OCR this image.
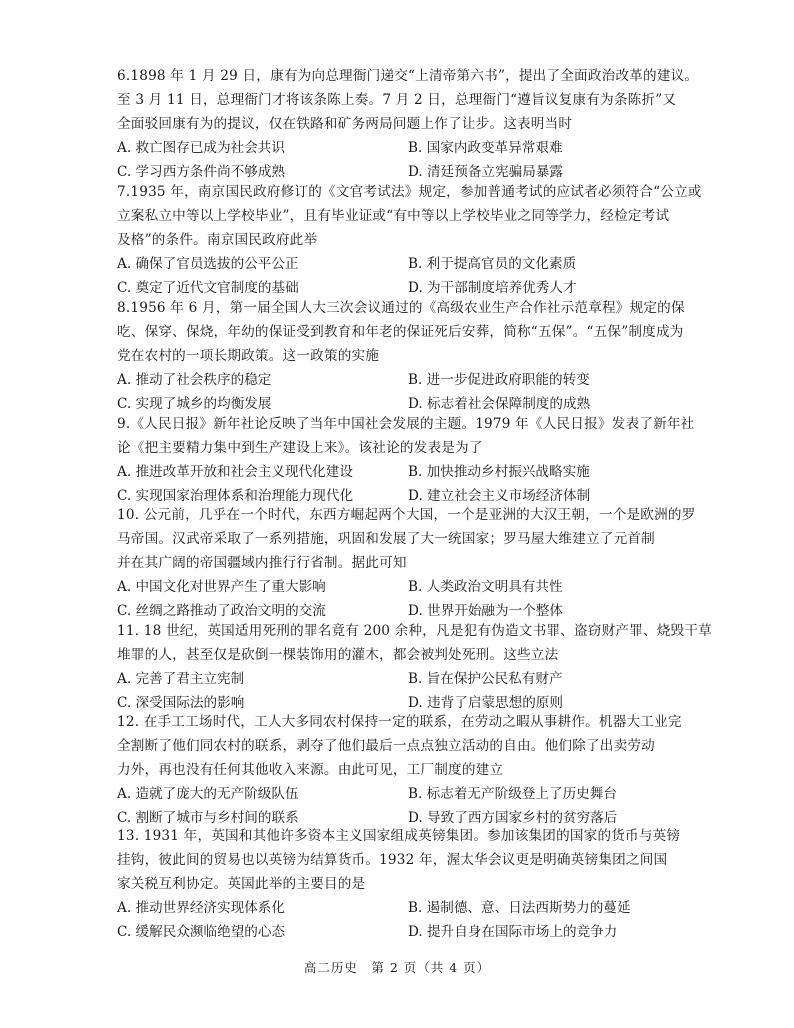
6.1898 年 1 月 29 日，康有为向总理衙门递交“上清帝第六书”，提出了全面政治改革的建议。
至 3 月 11 日，总理衙门才将该条陈上奏。7 月 2 日，总理衙门“遵旨议复康有为条陈折”又
全面驳回康有为的提议，仅在铁路和矿务两局问题上作了让步。这表明当时
A. 救亡图存已成为社会共识	B. 国家内政变革异常艰难
C. 学习西方条件尚不够成熟	D. 清廷预备立宪骗局暴露
7.1935 年，南京国民政府修订的《文官考试法》规定，参加普通考试的应试者必须符合“公立或
立案私立中等以上学校毕业”，且有毕业证或“有中等以上学校毕业之同等学力，经检定考试
及格”的条件。南京国民政府此举
A. 确保了官员选拔的公平公正	B. 利于提高官员的文化素质
C. 奠定了近代文官制度的基础	D. 为干部制度培养优秀人才
8.1956 年 6 月，第一届全国人大三次会议通过的《高级农业生产合作社示范章程》规定的保
吃、保穿、保烧，年幼的保证受到教育和年老的保证死后安葬，简称“五保”。“五保”制度成为
党在农村的一项长期政策。这一政策的实施
A. 推动了社会秩序的稳定	B. 进一步促进政府职能的转变
C. 实现了城乡的均衡发展	D. 标志着社会保障制度的成熟
9.《人民日报》新年社论反映了当年中国社会发展的主题。1979 年《人民日报》发表了新年社
论《把主要精力集中到生产建设上来》。该社论的发表是为了
A. 推进改革开放和社会主义现代化建设	B. 加快推动乡村振兴战略实施
C. 实现国家治理体系和治理能力现代化	D. 建立社会主义市场经济体制
10. 公元前，几乎在一个时代，东西方崛起两个大国，一个是亚洲的大汉王朝，一个是欧洲的罗
马帝国。汉武帝采取了一系列措施，巩固和发展了大一统国家；罗马屋大维建立了元首制
并在其广阔的帝国疆域内推行行省制。据此可知
A. 中国文化对世界产生了重大影响	B. 人类政治文明具有共性
C. 丝绸之路推动了政治文明的交流	D. 世界开始融为一个整体
11. 18 世纪，英国适用死刑的罪名竟有 200 余种，凡是犯有伪造文书罪、盗窃财产罪、烧毁干草
堆罪的人，甚至仅是砍倒一棵装饰用的灌木，都会被判处死刑。这些立法
A. 完善了君主立宪制	B. 旨在保护公民私有财产
C. 深受国际法的影响	D. 违背了启蒙思想的原则
12. 在手工工场时代，工人大多同农村保持一定的联系，在劳动之暇从事耕作。机器大工业完
全割断了他们同农村的联系，剥夺了他们最后一点点独立活动的自由。他们除了出卖劳动
力外，再也没有任何其他收入来源。由此可见，工厂制度的建立
A. 造就了庞大的无产阶级队伍	B. 标志着无产阶级登上了历史舞台
C. 割断了城市与乡村间的联系	D. 导致了西方国家乡村的贫穷落后
13. 1931 年，英国和其他许多资本主义国家组成英镑集团。参加该集团的国家的货币与英镑
挂钩，彼此间的贸易也以英镑为结算货币。1932 年，渥太华会议更是明确英镑集团之间国
家关税互利协定。英国此举的主要目的是
A. 推动世界经济实现体系化	B. 遏制德、意、日法西斯势力的蔓延
C. 缓解民众濒临绝望的心态	D. 提升自身在国际市场上的竞争力
高二历史　第 2 页（共 4 页）
